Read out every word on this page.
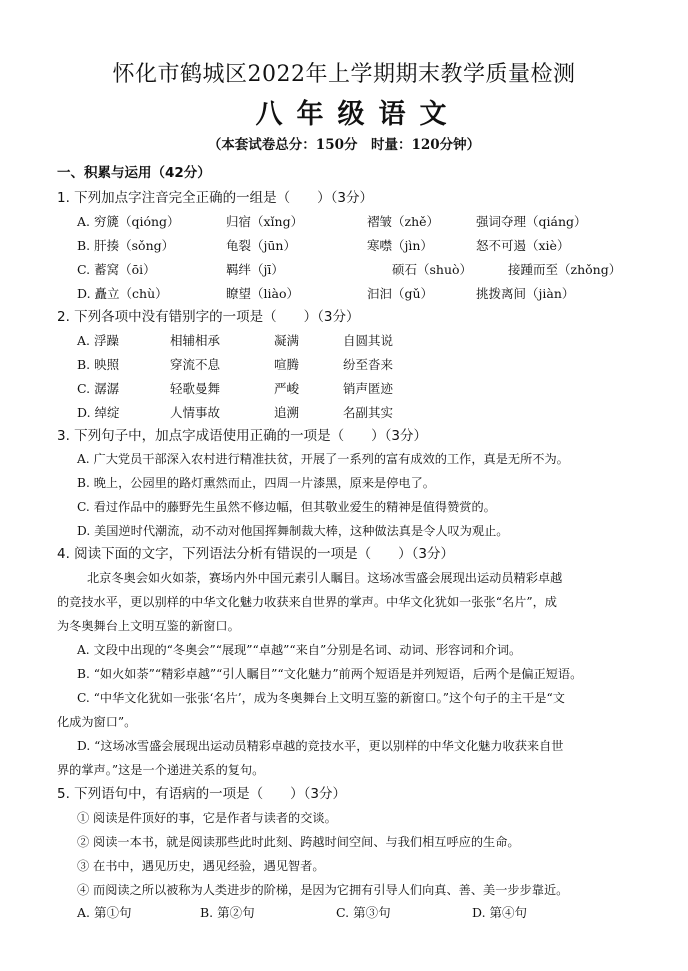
怀化市鹤城区2022年上学期期末教学质量检测
八年级语文
（本套试卷总分：150分　时量：120分钟）
一、积累与运用（42分）
1. 下列加点字注音完全正确的一组是（　　）（3分）
A. 穷篪（qióng）	归宿（xǐng）	褶皱（zhě）	强词夺理（qiáng）
B. 肝揍（sǒng）	龟裂（jūn）	寒噤（jìn）	怒不可遏（xiè）
C. 蓄窝（ōi）	羁绊（jī）	硕石（shuò）	接踵而至（zhǒng）
D. 矗立（chù）	瞭望（liào）	汩汩（gǔ）	挑拨离间（jiàn）
2. 下列各项中没有错别字的一项是（　　）（3分）
A. 浮躁	相辅相承	凝满	自圆其说
B. 映照	穿流不息	喧腾	纷至沓来
C. 潺潺	轻歌曼舞	严峻	销声匿迹
D. 绰绽	人情事故	追溯	名副其实
3. 下列句子中，加点字成语使用正确的一项是（　　）（3分）
A. 广大党员干部深入农村进行精准扶贫，开展了一系列的富有成效的工作，真是无所不为。
B. 晚上，公园里的路灯熏然而止，四周一片漆黑，原来是停电了。
C. 看过作品中的藤野先生虽然不修边幅，但其敬业爱生的精神是值得赞赏的。
D. 美国逆时代潮流，动不动对他国挥舞制裁大棒，这种做法真是令人叹为观止。
4. 阅读下面的文字，下列语法分析有错误的一项是（　　）（3分）
北京冬奥会如火如荼，赛场内外中国元素引人瞩目。这场冰雪盛会展现出运动员精彩卓越
的竞技水平，更以别样的中华文化魅力收获来自世界的掌声。中华文化犹如一张张“名片”，成
为冬奥舞台上文明互鉴的新窗口。
A. 文段中出现的“冬奥会”“展现”“卓越”“来自”分别是名词、动词、形容词和介词。
B. “如火如荼”“精彩卓越”“引人瞩目”“文化魅力”前两个短语是并列短语，后两个是偏正短语。
C. “中华文化犹如一张张‘名片’，成为冬奥舞台上文明互鉴的新窗口。”这个句子的主干是“文
化成为窗口”。
D. “这场冰雪盛会展现出运动员精彩卓越的竞技水平，更以别样的中华文化魅力收获来自世
界的掌声。”这是一个递进关系的复句。
5. 下列语句中，有语病的一项是（　　）（3分）
① 阅读是件顶好的事，它是作者与读者的交谈。
② 阅读一本书，就是阅读那些此时此刻、跨越时间空间、与我们相互呼应的生命。
③ 在书中，遇见历史，遇见经验，遇见智者。
④ 而阅读之所以被称为人类进步的阶梯，是因为它拥有引导人们向真、善、美一步步靠近。
A. 第①句	B. 第②句	C. 第③句	D. 第④句
